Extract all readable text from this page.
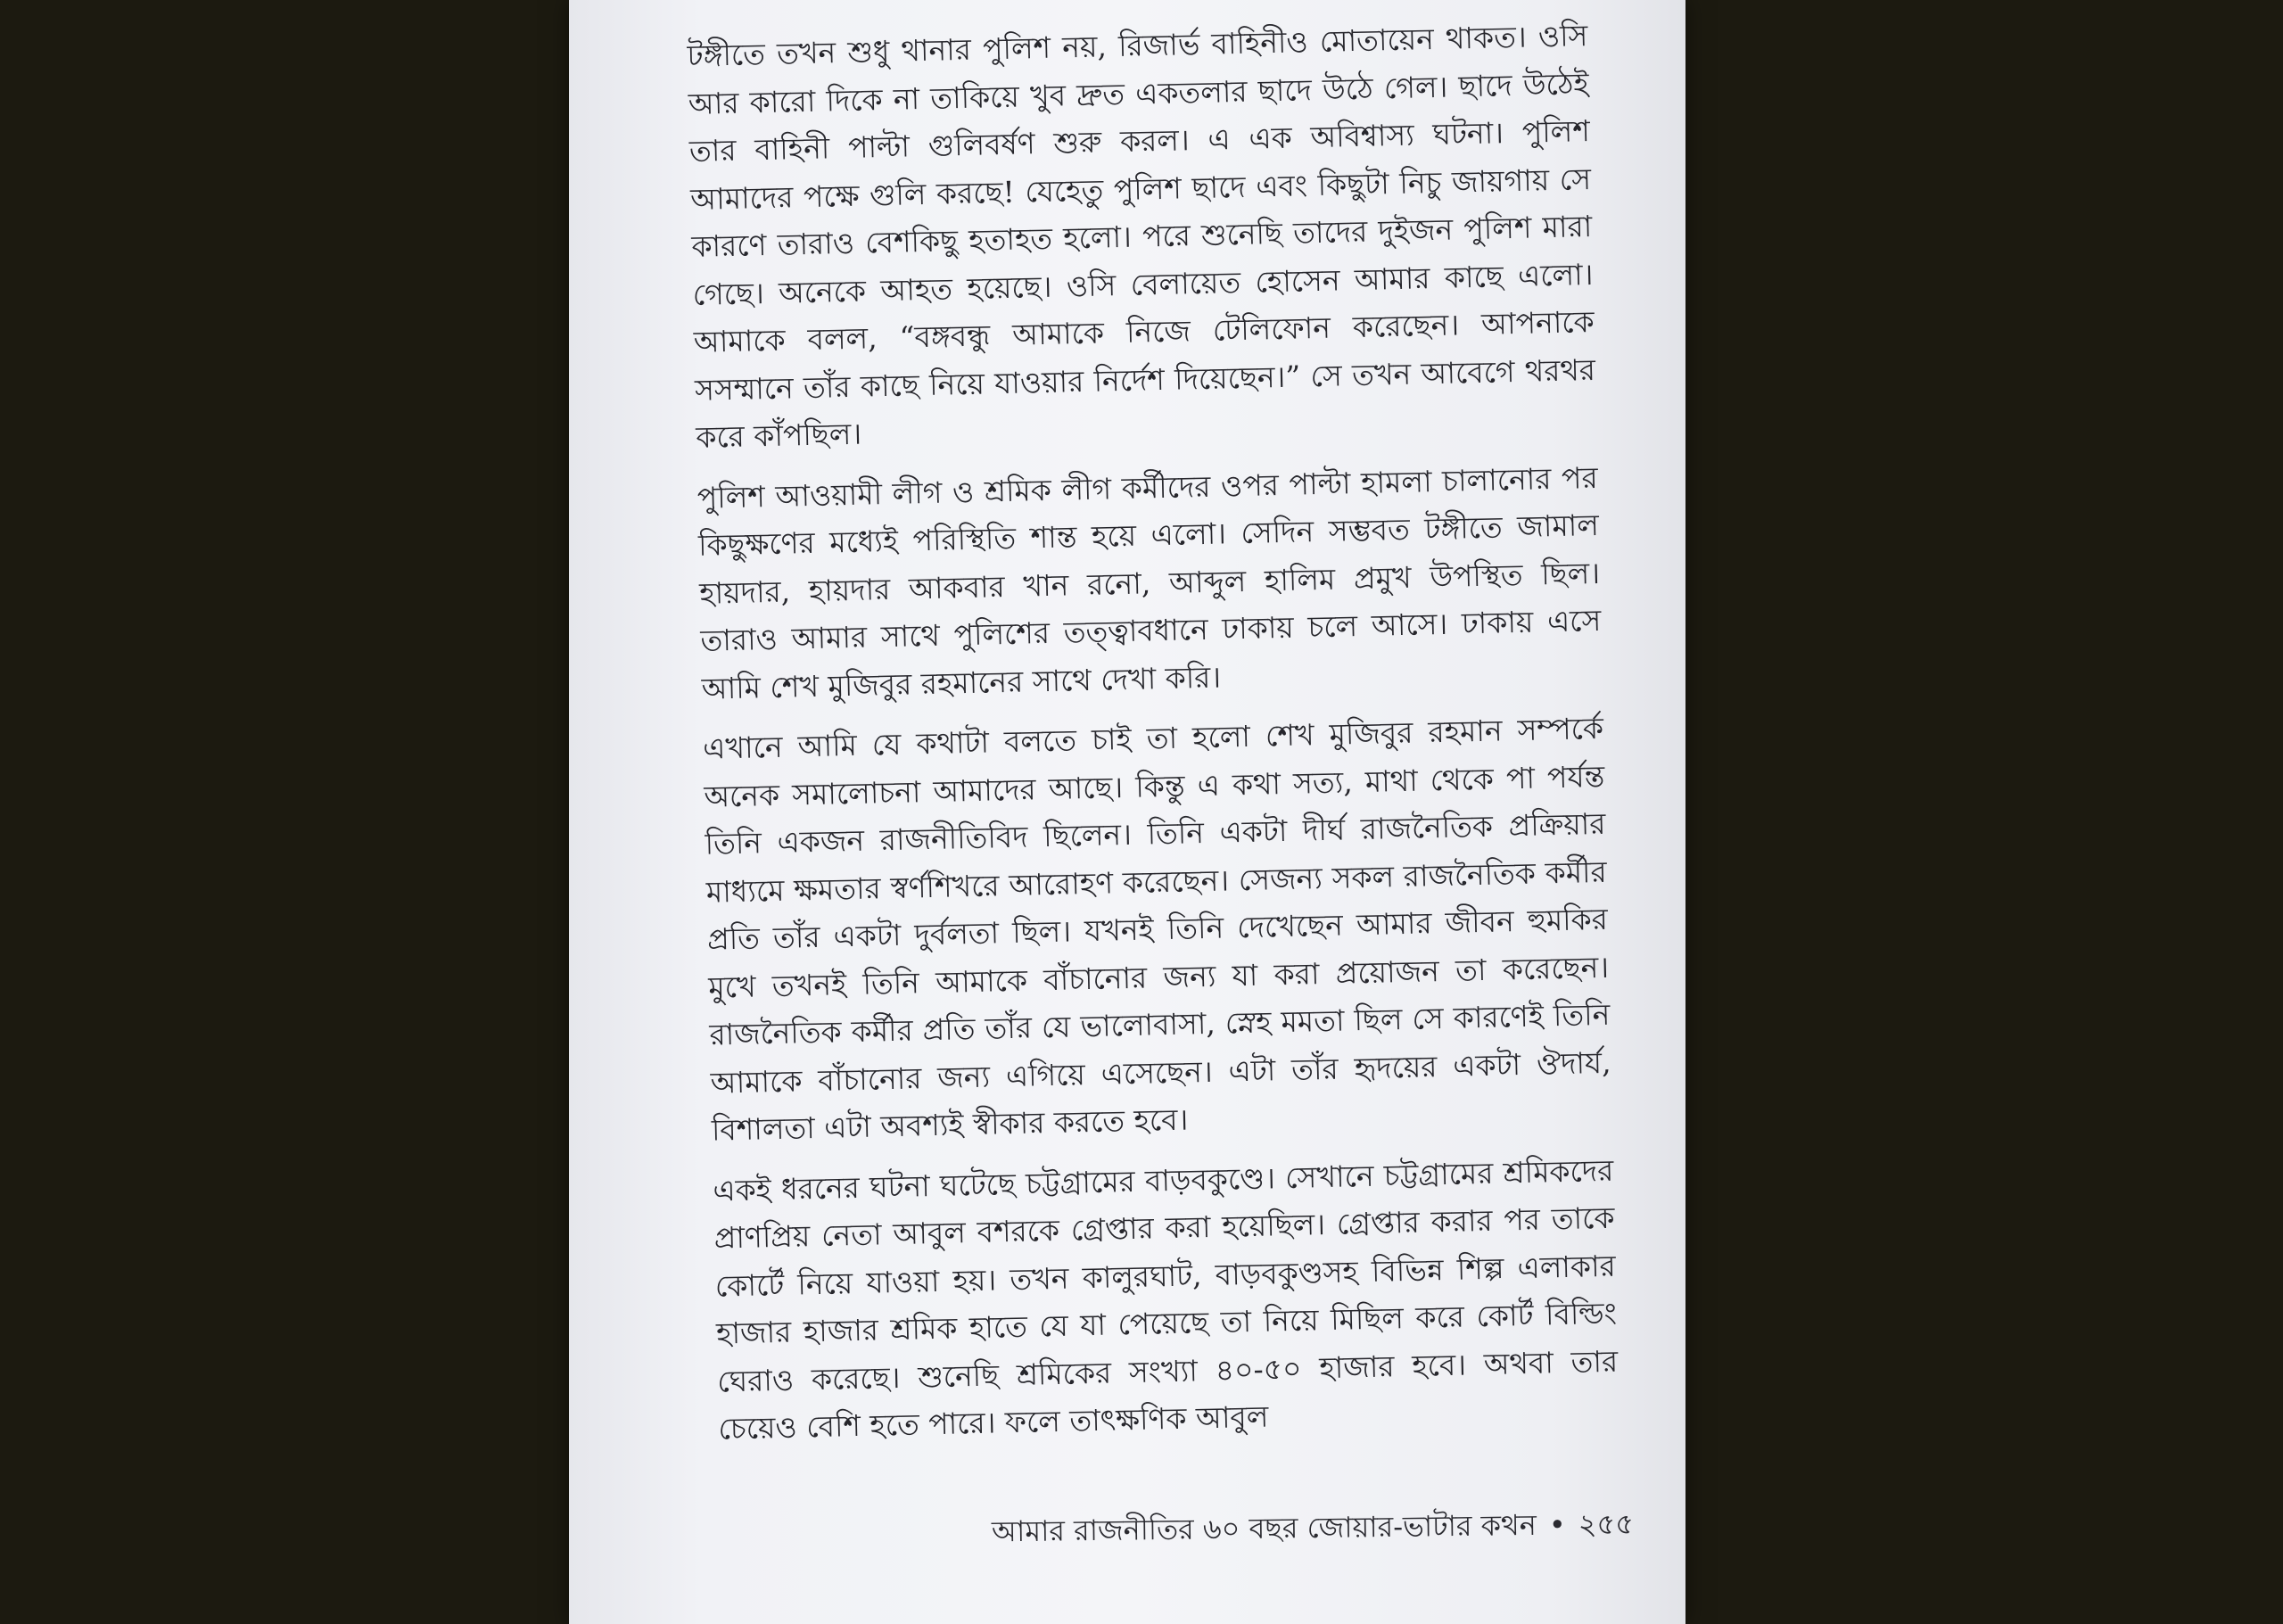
টঙ্গীতে তখন শুধু থানার পুলিশ নয়, রিজার্ভ বাহিনীও মোতায়েন থাকত। ওসি আর কারো দিকে না তাকিয়ে খুব দ্রুত একতলার ছাদে উঠে গেল। ছাদে উঠেই তার বাহিনী পাল্টা গুলিবর্ষণ শুরু করল। এ এক অবিশ্বাস্য ঘটনা। পুলিশ আমাদের পক্ষে গুলি করছে! যেহেতু পুলিশ ছাদে এবং কিছুটা নিচু জায়গায় সে কারণে তারাও বেশকিছু হতাহত হলো। পরে শুনেছি তাদের দুইজন পুলিশ মারা গেছে। অনেকে আহত হয়েছে। ওসি বেলায়েত হোসেন আমার কাছে এলো। আমাকে বলল, “বঙ্গবন্ধু আমাকে নিজে টেলিফোন করেছেন। আপনাকে সসম্মানে তাঁর কাছে নিয়ে যাওয়ার নির্দেশ দিয়েছেন।” সে তখন আবেগে থরথর করে কাঁপছিল।

পুলিশ আওয়ামী লীগ ও শ্রমিক লীগ কর্মীদের ওপর পাল্টা হামলা চালানোর পর কিছুক্ষণের মধ্যেই পরিস্থিতি শান্ত হয়ে এলো। সেদিন সম্ভবত টঙ্গীতে জামাল হায়দার, হায়দার আকবার খান রনো, আব্দুল হালিম প্রমুখ উপস্থিত ছিল। তারাও আমার সাথে পুলিশের তত্ত্বাবধানে ঢাকায় চলে আসে। ঢাকায় এসে আমি শেখ মুজিবুর রহমানের সাথে দেখা করি।

এখানে আমি যে কথাটা বলতে চাই তা হলো শেখ মুজিবুর রহমান সম্পর্কে অনেক সমালোচনা আমাদের আছে। কিন্তু এ কথা সত্য, মাথা থেকে পা পর্যন্ত তিনি একজন রাজনীতিবিদ ছিলেন। তিনি একটা দীর্ঘ রাজনৈতিক প্রক্রিয়ার মাধ্যমে ক্ষমতার স্বর্ণশিখরে আরোহণ করেছেন। সেজন্য সকল রাজনৈতিক কর্মীর প্রতি তাঁর একটা দুর্বলতা ছিল। যখনই তিনি দেখেছেন আমার জীবন হুমকির মুখে তখনই তিনি আমাকে বাঁচানোর জন্য যা করা প্রয়োজন তা করেছেন। রাজনৈতিক কর্মীর প্রতি তাঁর যে ভালোবাসা, স্নেহ মমতা ছিল সে কারণেই তিনি আমাকে বাঁচানোর জন্য এগিয়ে এসেছেন। এটা তাঁর হৃদয়ের একটা ঔদার্য, বিশালতা এটা অবশ্যই স্বীকার করতে হবে।

একই ধরনের ঘটনা ঘটেছে চট্টগ্রামের বাড়বকুণ্ডে। সেখানে চট্টগ্রামের শ্রমিকদের প্রাণপ্রিয় নেতা আবুল বশরকে গ্রেপ্তার করা হয়েছিল। গ্রেপ্তার করার পর তাকে কোর্টে নিয়ে যাওয়া হয়। তখন কালুরঘাট, বাড়বকুণ্ডসহ বিভিন্ন শিল্প এলাকার হাজার হাজার শ্রমিক হাতে যে যা পেয়েছে তা নিয়ে মিছিল করে কোর্ট বিল্ডিং ঘেরাও করেছে। শুনেছি শ্রমিকের সংখ্যা ৪০-৫০ হাজার হবে। অথবা তার চেয়েও বেশি হতে পারে। ফলে তাৎক্ষণিক আবুল

আমার রাজনীতির ৬০ বছর জোয়ার-ভাটার কথন • ২৫৫
